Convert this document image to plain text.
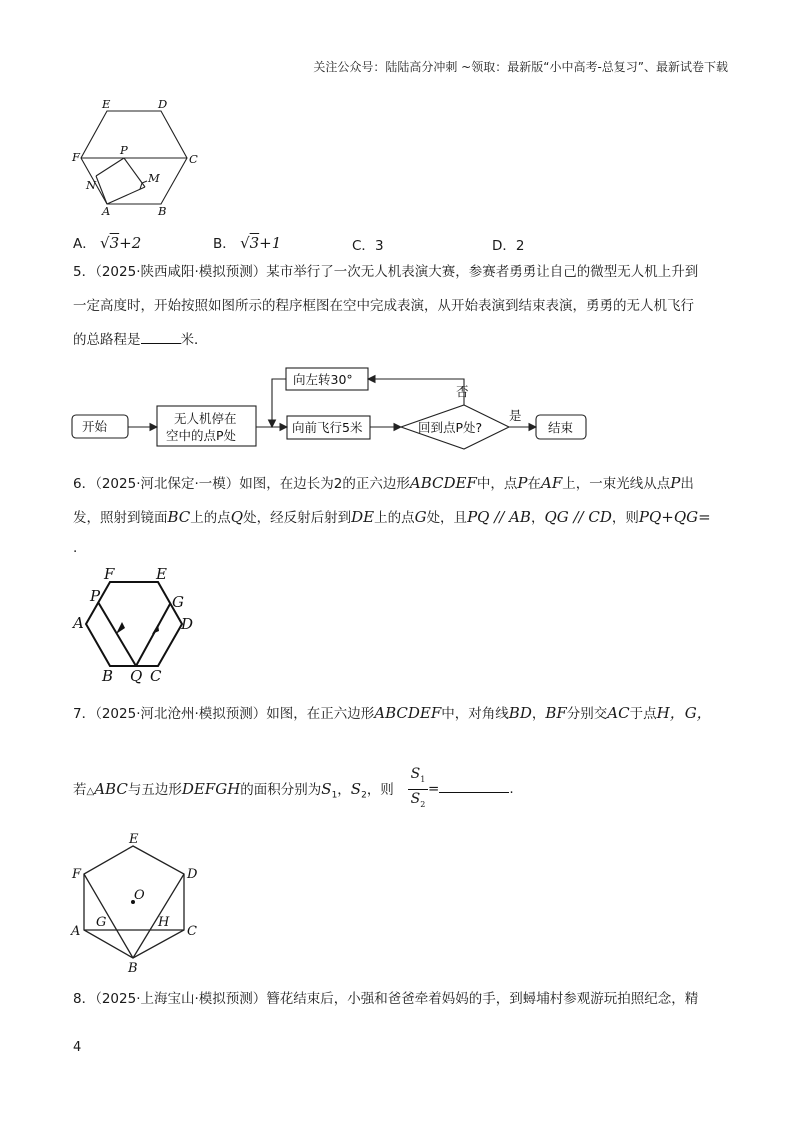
关注公众号：陆陆高分冲刺 ~领取：最新版“小中高考-总复习”、最新试卷下载
E	D
F	C
P
M
N
A	B
A． √3+2	B． √3+1	C．3	D．2
5．（2025·陕西咸阳·模拟预测）某市举行了一次无人机表演大赛，参赛者勇勇让自己的微型无人机上升到
一定高度时，开始按照如图所示的程序框图在空中完成表演，从开始表演到结束表演，勇勇的无人机飞行
的总路程是	米．
开始
无人机停在
空中的点P处
向前飞行5米	回到点P处?
向左转30°
结束
否
是
6．（2025·河北保定·一模）如图，在边长为2的正六边形ABCDEF中，点P在AF上，一束光线从点P出
发，照射到镜面BC上的点Q处，经反射后射到DE上的点G处，且PQ // AB，QG // CD，则PQ+QG=
.
F	E
P	G
A	D
B Q C
7．（2025·河北沧州·模拟预测）如图，在正六边形ABCDEF中，对角线BD，BF分别交AC于点H，G，
若△ABC与五边形DEFGH的面积分别为$S_1$，$S_2$，则
$S_1$
$S_2$
=	.
E
F	D
O
A
G	H
C
B
8．（2025·上海宝山·模拟预测）簪花结束后，小强和爸爸牵着妈妈的手，到蟳埔村参观游玩拍照纪念，精
4
